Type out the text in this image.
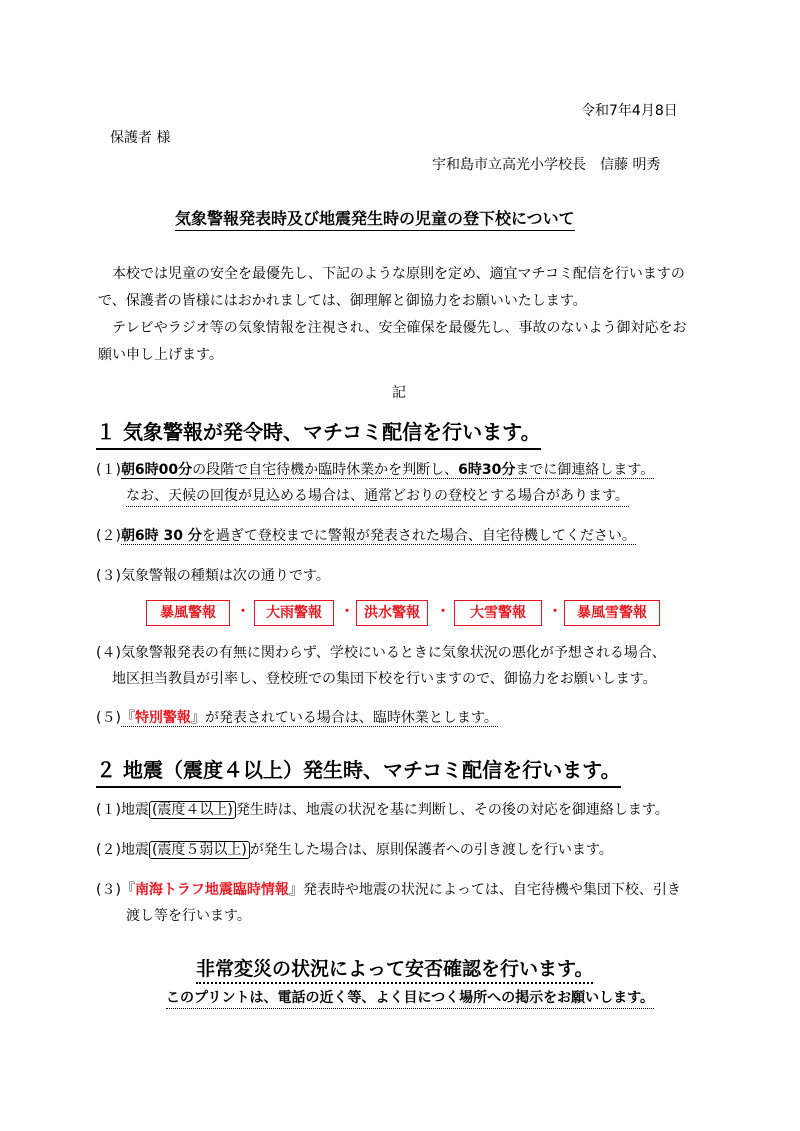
令和7年4月8日
保護者 様
宇和島市立高光小学校長　信藤 明秀
気象警報発表時及び地震発生時の児童の登下校について
本校では児童の安全を最優先し、下記のような原則を定め、適宜マチコミ配信を行いますの
で、保護者の皆様にはおかれましては、御理解と御協力をお願いいたします。
テレビやラジオ等の気象情報を注視され、安全確保を最優先し、事故のないよう御対応をお
願い申し上げます。
記
１ 気象警報が発令時、マチコミ配信を行います。
(１)朝6時00分の段階で自宅待機か臨時休業かを判断し、6時30分までに御連絡します。
なお、天候の回復が見込める場合は、通常どおりの登校とする場合があります。
(２)朝6時 30 分を過ぎて登校までに警報が発表された場合、自宅待機してください。
(３)気象警報の種類は次の通りです。
暴風警報	・	大雨警報	・ 洪水警報	・	大雪警報	・	暴風雪警報
(４)気象警報発表の有無に関わらず、学校にいるときに気象状況の悪化が予想される場合、
地区担当教員が引率し、登校班での集団下校を行いますので、御協力をお願いします。
(５)『特別警報』が発表されている場合は、臨時休業とします。
２ 地震（震度４以上）発生時、マチコミ配信を行います。
(１)地震 (震度４以上) 発生時は、地震の状況を基に判断し、その後の対応を御連絡します。
(２)地震 (震度５弱以上) が発生した場合は、原則保護者への引き渡しを行います。
(３)『南海トラフ地震臨時情報』発表時や地震の状況によっては、自宅待機や集団下校、引き
渡し等を行います。
非常変災の状況によって安否確認を行います。
このプリントは、電話の近く等、よく目につく場所への掲示をお願いします。
